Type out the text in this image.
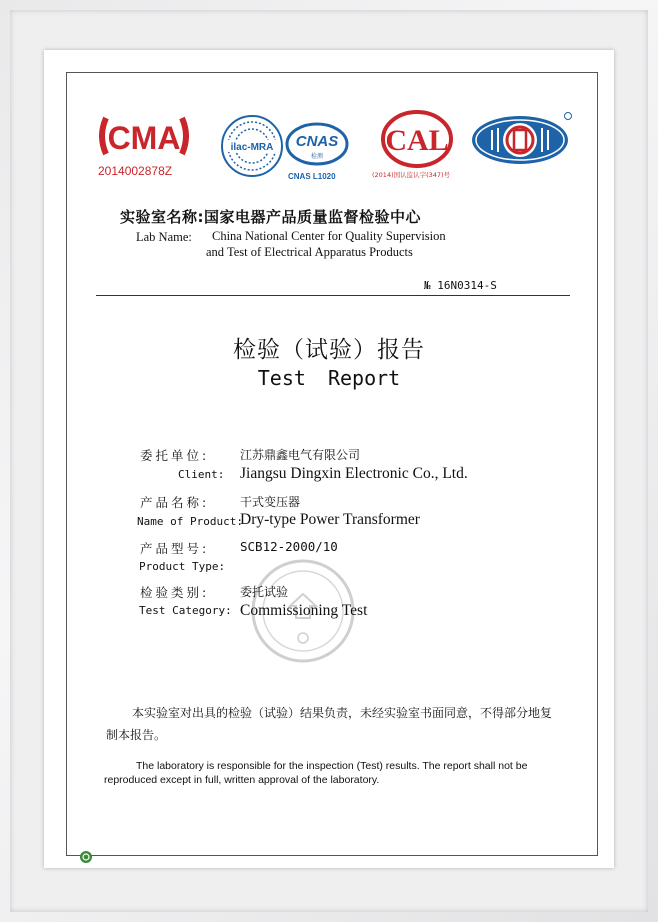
CMA
2014002878Z
ilac-MRA CNAS
检测
CNAS L1020
CAL
(2014)国认监认字(347)号
实验室名称:国家电器产品质量监督检验中心
Lab Name: China National Center for Quality Supervision
and Test of Electrical Apparatus Products
№ 16N0314-S
检验（试验）报告
Test Report
委托单位:	江苏鼎鑫电气有限公司
Client: Jiangsu Dingxin Electronic Co., Ltd.
产品名称:	干式变压器
Name of Product:
Dry-type Power Transformer
产品型号: SCB12-2000/10
Product Type:
检验类别:	委托试验
Test Category: Commissioning Test
本实验室对出具的检验（试验）结果负责，未经实验室书面同意，不得部分地复制本报告。
The laboratory is responsible for the inspection (Test) results. The report shall not be reproduced except in full, written approval of the laboratory.
